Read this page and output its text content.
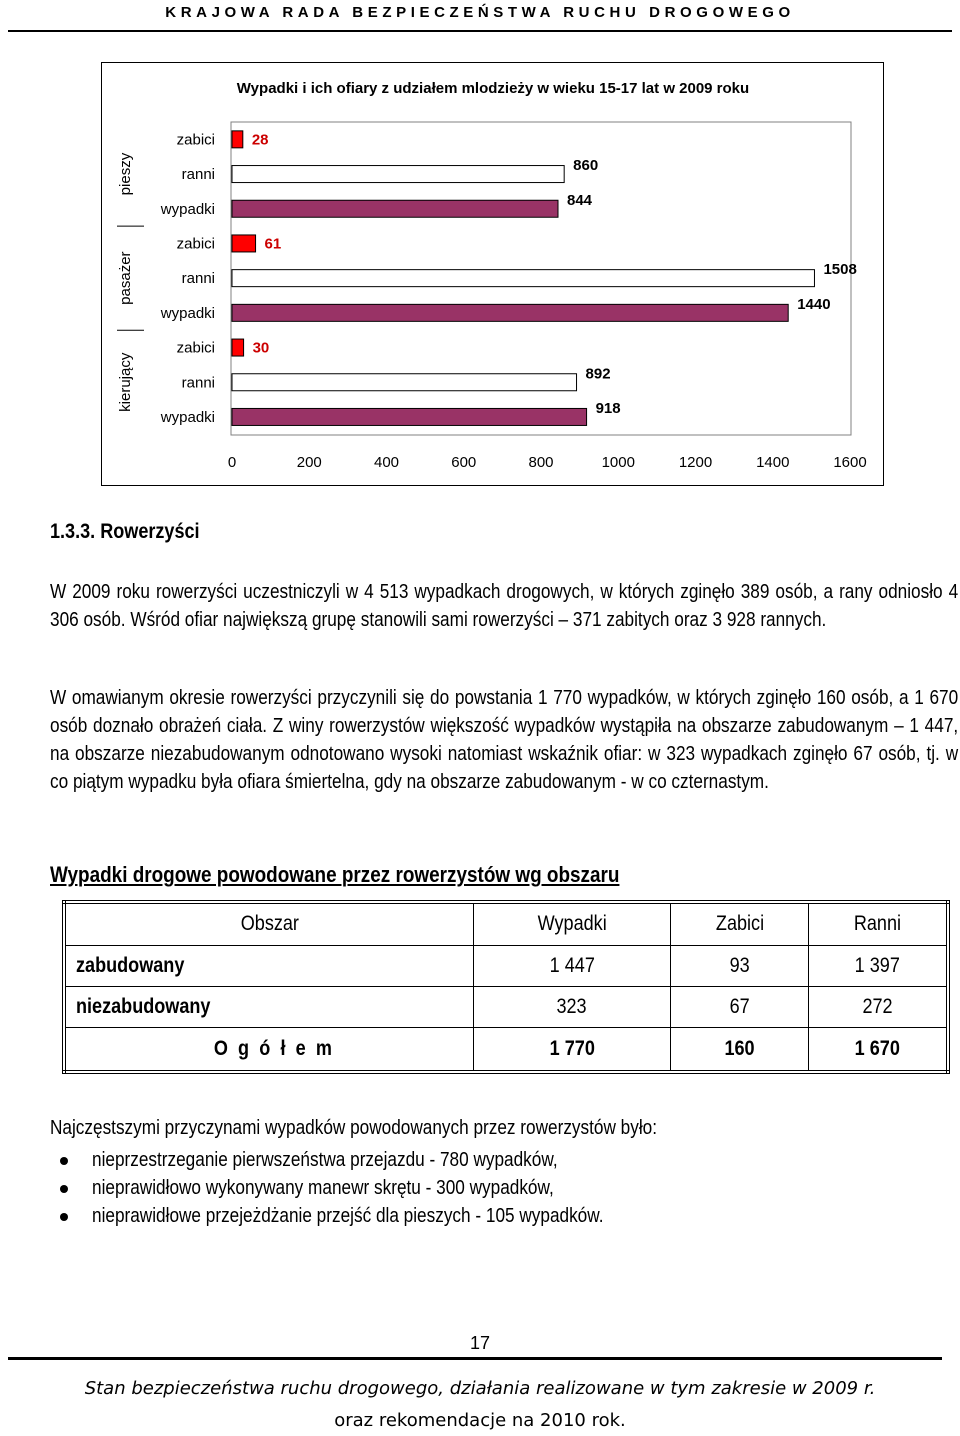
KRAJOWA RADA BEZPIECZEŃSTWA RUCHU DROGOWEGO
Wypadki i ich ofiary z udziałem mlodzieży w wieku 15-17 lat w 2009 roku
pieszy
zabici 28
ranni
860
wypadki
844
pasażer
zabici	61
ranni
1508
wypadki
1440
kierujący
zabici	30
ranni
892
wypadki
918
0	200	400	600	800	1000	1200	1400	1600
1.3.3. Rowerzyści
W 2009 roku rowerzyści uczestniczyli w 4 513 wypadkach drogowych, w których zginęło 389 osób, a rany odniosło 4 306 osób. Wśród ofiar największą grupę stanowili sami rowerzyści – 371 zabitych oraz 3 928 rannych.
W omawianym okresie rowerzyści przyczynili się do powstania 1 770 wypadków, w których zginęło 160 osób, a 1 670 osób doznało obrażeń ciała. Z winy rowerzystów większość wypadków wystąpiła na obszarze zabudowanym – 1 447, na obszarze niezabudowanym odnotowano wysoki natomiast wskaźnik ofiar: w 323 wypadkach zginęło 67 osób, tj. w co piątym wypadku była ofiara śmiertelna, gdy na obszarze zabudowanym - w co czternastym.
Wypadki drogowe powodowane przez rowerzystów wg obszaru
Obszar	Wypadki	Zabici	Ranni
zabudowany	1 447	93	1 397
niezabudowany	323	67	272
O g ó ł e m	1 770	160	1 670
Najczęstszymi przyczynami wypadków powodowanych przez rowerzystów było:
nieprzestrzeganie pierwszeństwa przejazdu - 780 wypadków,
nieprawidłowo wykonywany manewr skrętu - 300 wypadków,
nieprawidłowe przejeżdżanie przejść dla pieszych - 105 wypadków.
17
Stan bezpieczeństwa ruchu drogowego, działania realizowane w tym zakresie w 2009 r.
oraz rekomendacje na 2010 rok.
